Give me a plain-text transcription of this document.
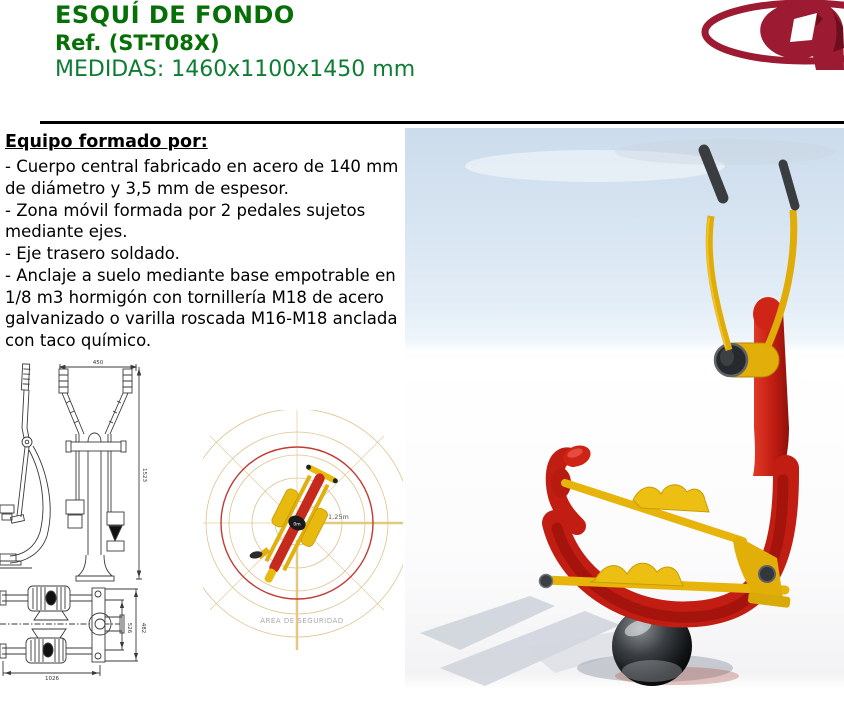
ESQUÍ DE FONDO
Ref. (ST-T08X)
MEDIDAS: 1460x1100x1450 mm
Equipo formado por:

- Cuerpo central fabricado en acero de 140 mm de diámetro y 3,5 mm de espesor.

- Zona móvil formada por 2 pedales sujetos mediante ejes.

- Eje trasero soldado.

- Anclaje a suelo mediante base empotrable en 1/8 m3 hormigón con tornillería M18 de acero galvanizado o varilla roscada M16-M18 anclada con taco químico.

450
1523
1026
526 482
1,25m
0m
AREA DE SEGURIDAD
